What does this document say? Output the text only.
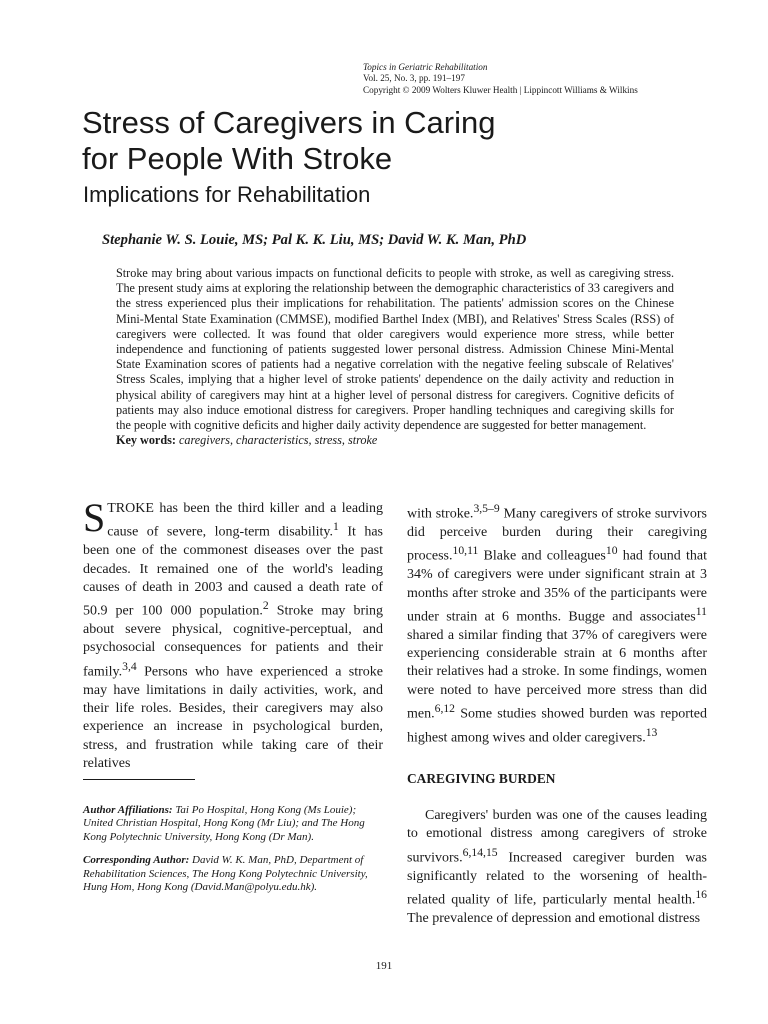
Topics in Geriatric Rehabilitation
Vol. 25, No. 3, pp. 191–197
Copyright © 2009 Wolters Kluwer Health | Lippincott Williams & Wilkins
Stress of Caregivers in Caring
for People With Stroke
Implications for Rehabilitation
Stephanie W. S. Louie, MS; Pal K. K. Liu, MS; David W. K. Man, PhD
Stroke may bring about various impacts on functional deficits to people with stroke, as well as caregiving stress. The present study aims at exploring the relationship between the demographic characteristics of 33 caregivers and the stress experienced plus their implications for rehabilitation. The patients' admission scores on the Chinese Mini-Mental State Examination (CMMSE), modified Barthel Index (MBI), and Relatives' Stress Scales (RSS) of caregivers were collected. It was found that older caregivers would experience more stress, while better independence and functioning of patients suggested lower personal distress. Admission Chinese Mini-Mental State Examination scores of patients had a negative correlation with the negative feeling subscale of Relatives' Stress Scales, implying that a higher level of stroke patients' dependence on the daily activity and reduction in physical ability of caregivers may hint at a higher level of personal distress for caregivers. Cognitive deficits of patients may also induce emotional distress for caregivers. Proper handling techniques and caregiving skills for the people with cognitive deficits and higher daily activity dependence are suggested for better management.
Key words: caregivers, characteristics, stress, stroke

STROKE has been the third killer and a leading cause of severe, long-term disability.$^1$ It has been one of the commonest diseases over the past decades. It remained one of the world's leading causes of death in 2003 and caused a death rate of 50.9 per 100 000 population.$^2$ Stroke may bring about severe physical, cognitive-perceptual, and psychosocial consequences for patients and their family.$^{3,4}$ Persons who have experienced a stroke may have limitations in daily activities, work, and their life roles. Besides, their caregivers may also experience an increase in psychological burden, stress, and frustration while taking care of their relatives

Author Affiliations: Tai Po Hospital, Hong Kong (Ms Louie); United Christian Hospital, Hong Kong (Mr Liu); and The Hong Kong Polytechnic University, Hong Kong (Dr Man).

Corresponding Author: David W. K. Man, PhD, Department of Rehabilitation Sciences, The Hong Kong Polytechnic University, Hung Hom, Hong Kong (David.Man@polyu.edu.hk).

with stroke.$^{3,5-9}$ Many caregivers of stroke survivors did perceive burden during their caregiving process.$^{10,11}$ Blake and colleagues$^{10}$ had found that 34% of caregivers were under significant strain at 3 months after stroke and 35% of the participants were under strain at 6 months. Bugge and associates$^{11}$ shared a similar finding that 37% of caregivers were experiencing considerable strain at 6 months after their relatives had a stroke. In some findings, women were noted to have perceived more stress than did men.$^{6,12}$ Some studies showed burden was reported highest among wives and older caregivers.$^{13}$

CAREGIVING BURDEN

Caregivers' burden was one of the causes leading to emotional distress among caregivers of stroke survivors.$^{6,14,15}$ Increased caregiver burden was significantly related to the worsening of health-related quality of life, particularly mental health.$^{16}$ The prevalence of depression and emotional distress

191
